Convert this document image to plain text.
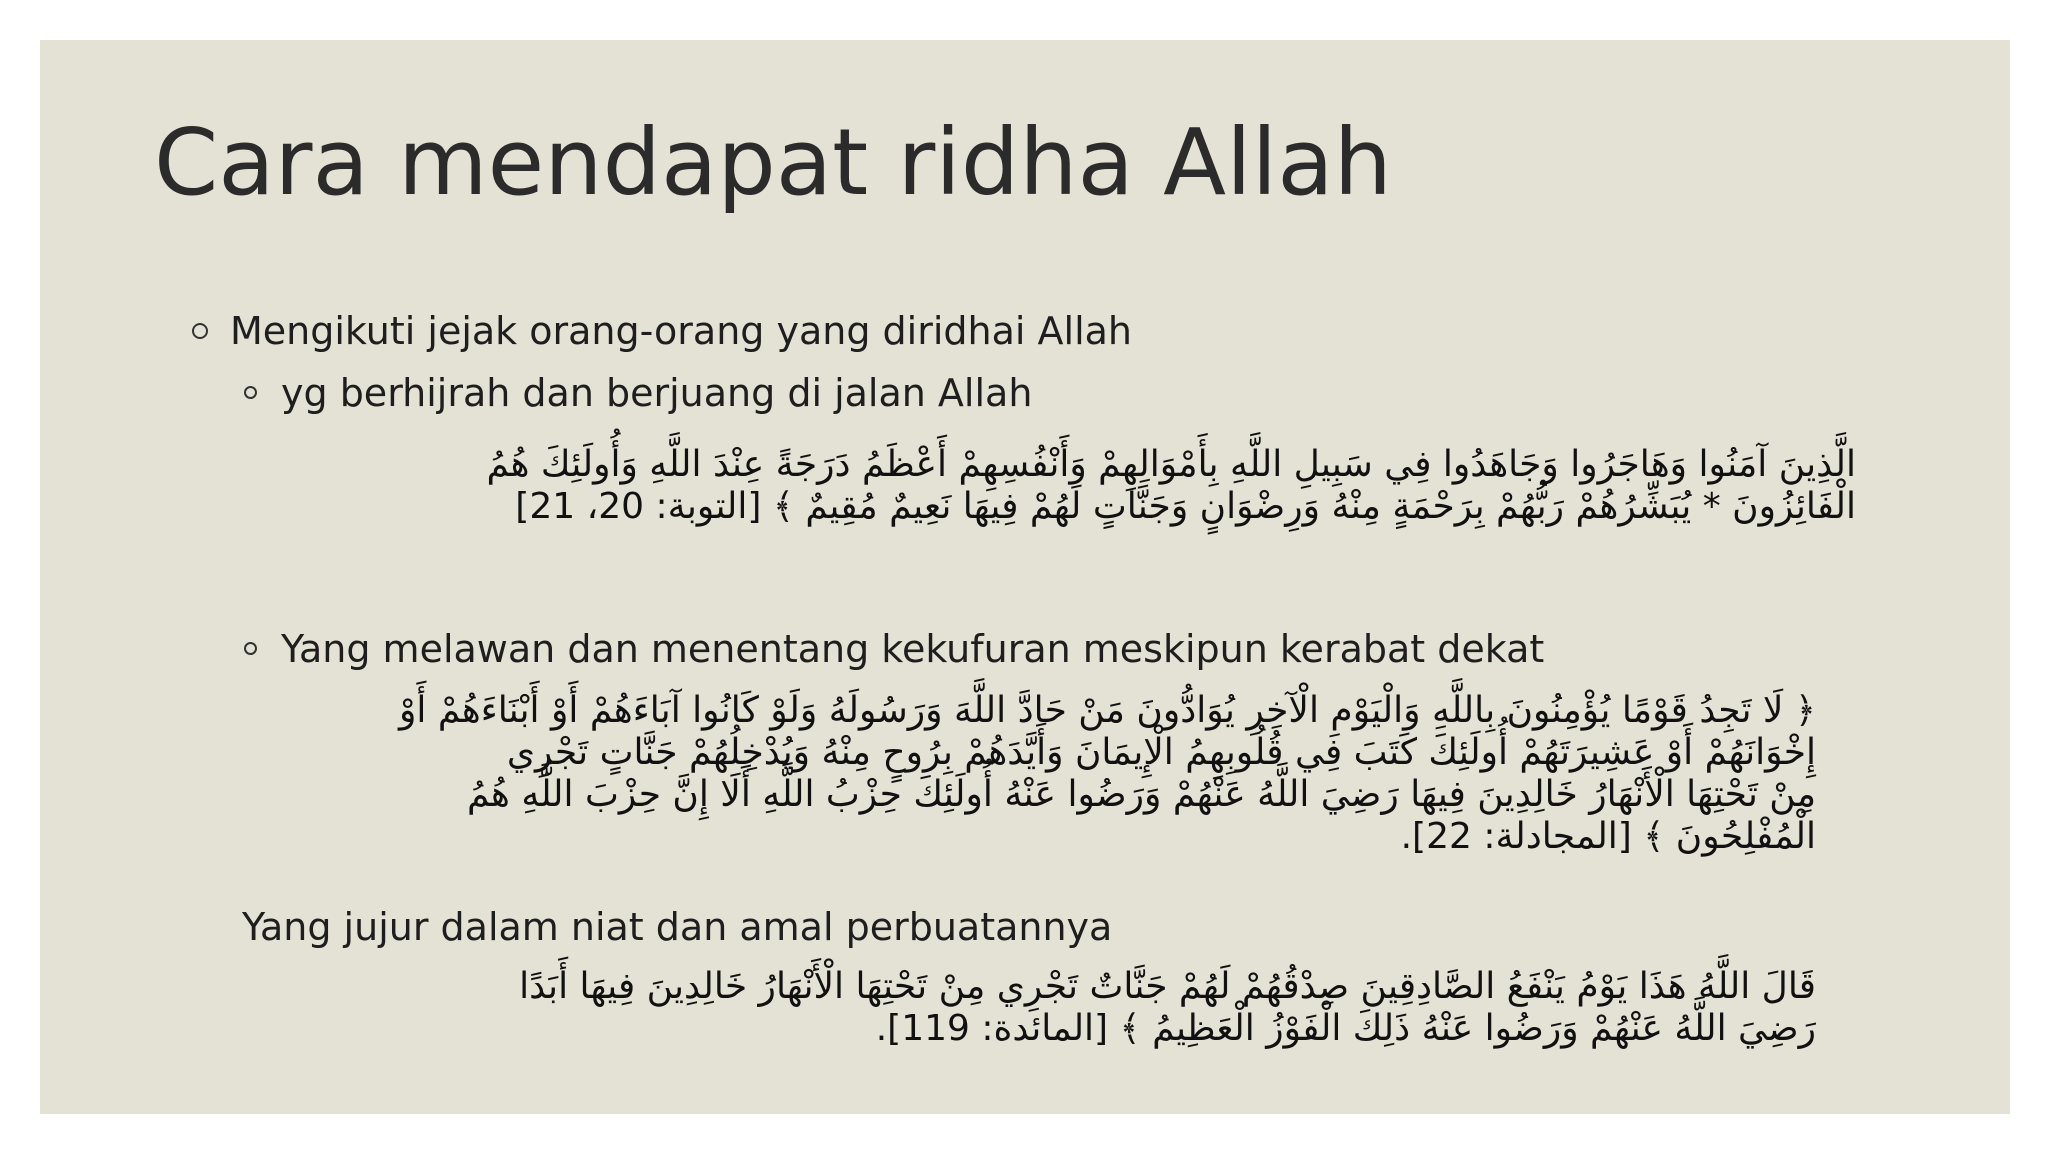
Cara mendapat ridha Allah
Mengikuti jejak orang-orang yang diridhai Allah
yg berhijrah dan berjuang di jalan Allah
الَّذِينَ آمَنُوا وَهَاجَرُوا وَجَاهَدُوا فِي سَبِيلِ اللَّهِ بِأَمْوَالِهِمْ وَأَنْفُسِهِمْ أَعْظَمُ دَرَجَةً عِنْدَ اللَّهِ وَأُولَئِكَ هُمُ
الْفَائِزُونَ * يُبَشِّرُهُمْ رَبُّهُمْ بِرَحْمَةٍ مِنْهُ وَرِضْوَانٍ وَجَنَّاتٍ لَهُمْ فِيهَا نَعِيمٌ مُقِيمٌ ﴾ [التوبة: 20، 21]
Yang melawan dan menentang kekufuran meskipun kerabat dekat
﴿ لَا تَجِدُ قَوْمًا يُؤْمِنُونَ بِاللَّهِ وَالْيَوْمِ الْآخِرِ يُوَادُّونَ مَنْ حَادَّ اللَّهَ وَرَسُولَهُ وَلَوْ كَانُوا آبَاءَهُمْ أَوْ أَبْنَاءَهُمْ أَوْ
إِخْوَانَهُمْ أَوْ عَشِيرَتَهُمْ أُولَئِكَ كَتَبَ فِي قُلُوبِهِمُ الْإِيمَانَ وَأَيَّدَهُمْ بِرُوحٍ مِنْهُ وَيُدْخِلُهُمْ جَنَّاتٍ تَجْرِي
مِنْ تَحْتِهَا الْأَنْهَارُ خَالِدِينَ فِيهَا رَضِيَ اللَّهُ عَنْهُمْ وَرَضُوا عَنْهُ أُولَئِكَ حِزْبُ اللَّهِ أَلَا إِنَّ حِزْبَ اللَّهِ هُمُ
الْمُفْلِحُونَ ﴾ [المجادلة: 22].
Yang jujur dalam niat dan amal perbuatannya
قَالَ اللَّهُ هَذَا يَوْمُ يَنْفَعُ الصَّادِقِينَ صِدْقُهُمْ لَهُمْ جَنَّاتٌ تَجْرِي مِنْ تَحْتِهَا الْأَنْهَارُ خَالِدِينَ فِيهَا أَبَدًا
رَضِيَ اللَّهُ عَنْهُمْ وَرَضُوا عَنْهُ ذَلِكَ الْفَوْزُ الْعَظِيمُ ﴾ [المائدة: 119].
